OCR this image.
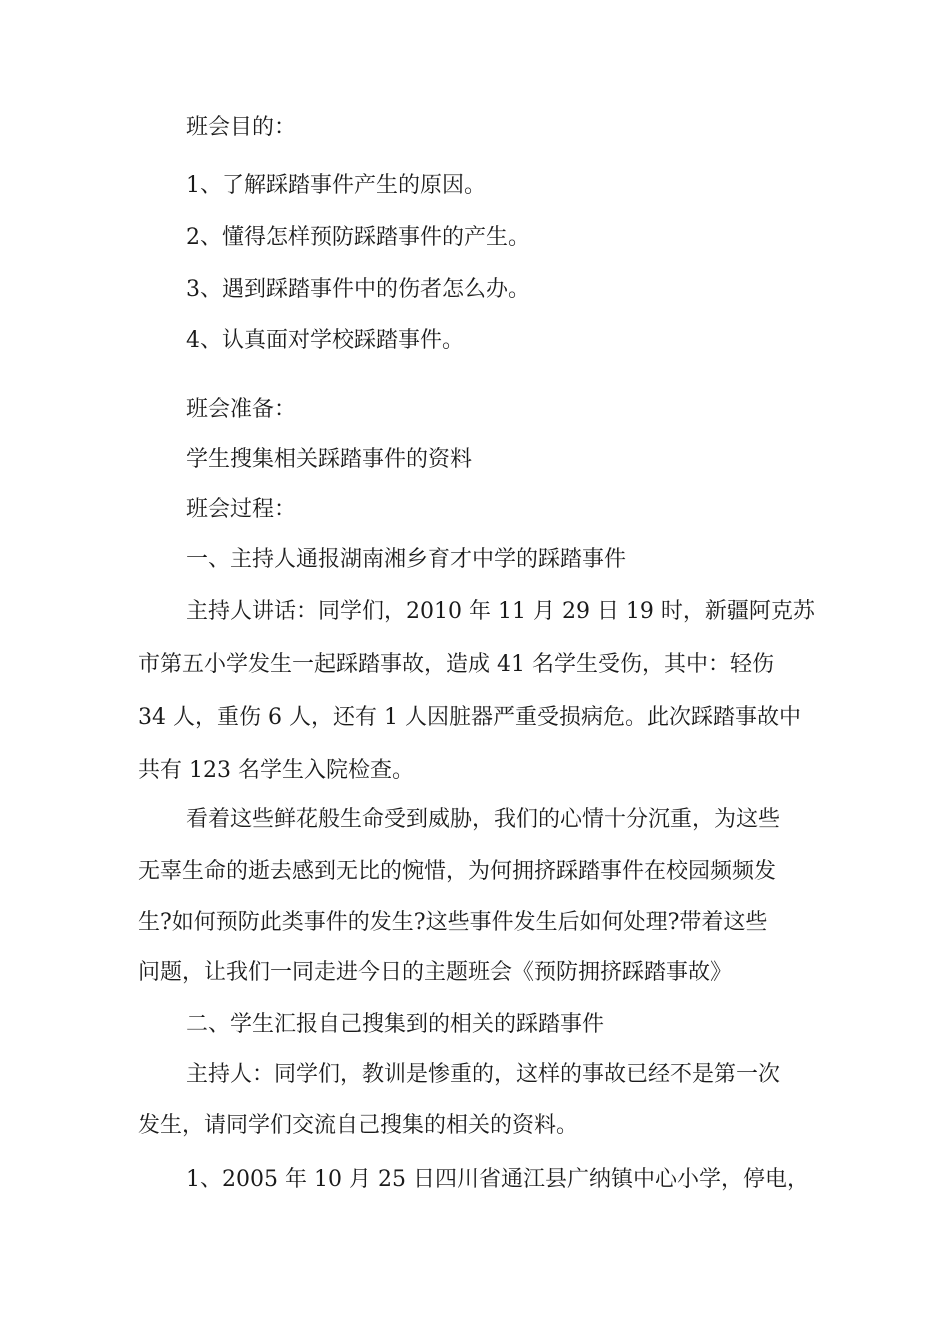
班会目的：
1、了解踩踏事件产生的原因。
2、懂得怎样预防踩踏事件的产生。
3、遇到踩踏事件中的伤者怎么办。
4、认真面对学校踩踏事件。
班会准备：
学生搜集相关踩踏事件的资料
班会过程：
一、主持人通报湖南湘乡育才中学的踩踏事件
主持人讲话：同学们，2010 年 11 月 29 日 19 时，新疆阿克苏
市第五小学发生一起踩踏事故，造成 41 名学生受伤，其中：轻伤
34 人，重伤 6 人，还有 1 人因脏器严重受损病危。此次踩踏事故中
共有 123 名学生入院检查。
看着这些鲜花般生命受到威胁，我们的心情十分沉重，为这些
无辜生命的逝去感到无比的惋惜，为何拥挤踩踏事件在校园频频发
生?如何预防此类事件的发生?这些事件发生后如何处理?带着这些
问题，让我们一同走进今日的主题班会《预防拥挤踩踏事故》
二、学生汇报自己搜集到的相关的踩踏事件
主持人：同学们，教训是惨重的，这样的事故已经不是第一次
发生，请同学们交流自己搜集的相关的资料。
1、2005 年 10 月 25 日四川省通江县广纳镇中心小学，停电，
